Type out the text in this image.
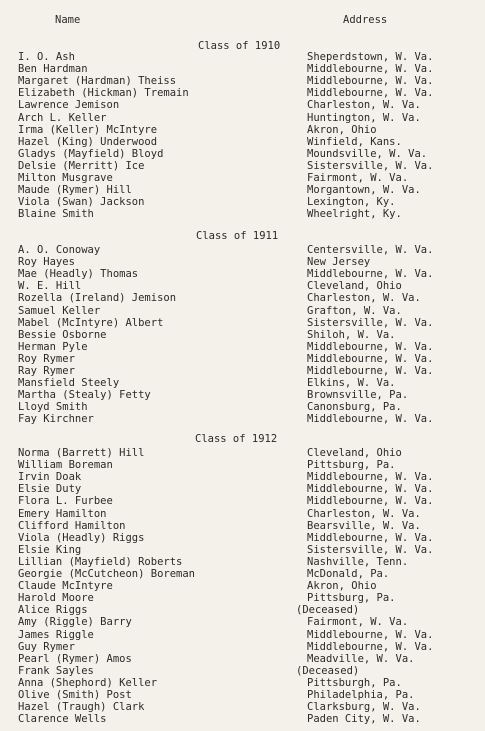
Name	Address
Class of 1910
I. O. Ash	Sheperdstown, W. Va.
Ben Hardman	Middlebourne, W. Va.
Margaret (Hardman) Theiss	Middlebourne, W. Va.
Elizabeth (Hickman) Tremain	Middlebourne, W. Va.
Lawrence Jemison	Charleston, W. Va.
Arch L. Keller	Huntington, W. Va.
Irma (Keller) McIntyre	Akron, Ohio
Hazel (King) Underwood	Winfield, Kans.
Gladys (Mayfield) Bloyd	Moundsville, W. Va.
Delsie (Merritt) Ice	Sistersville, W. Va.
Milton Musgrave	Fairmont, W. Va.
Maude (Rymer) Hill	Morgantown, W. Va.
Viola (Swan) Jackson	Lexington, Ky.
Blaine Smith	Wheelright, Ky.
Class of 1911
A. O. Conoway	Centersville, W. Va.
Roy Hayes	New Jersey
Mae (Headly) Thomas	Middlebourne, W. Va.
W. E. Hill	Cleveland, Ohio
Rozella (Ireland) Jemison	Charleston, W. Va.
Samuel Keller	Grafton, W. Va.
Mabel (McIntyre) Albert	Sistersville, W. Va.
Bessie Osborne	Shiloh, W. Va.
Herman Pyle	Middlebourne, W. Va.
Roy Rymer	Middlebourne, W. Va.
Ray Rymer	Middlebourne, W. Va.
Mansfield Steely	Elkins, W. Va.
Martha (Stealy) Fetty	Brownsville, Pa.
Lloyd Smith	Canonsburg, Pa.
Fay Kirchner	Middlebourne, W. Va.
Class of 1912
Norma (Barrett) Hill	Cleveland, Ohio
William Boreman	Pittsburg, Pa.
Irvin Doak	Middlebourne, W. Va.
Elsie Duty	Middlebourne, W. Va.
Flora L. Furbee	Middlebourne, W. Va.
Emery Hamilton	Charleston, W. Va.
Clifford Hamilton	Bearsville, W. Va.
Viola (Headly) Riggs	Middlebourne, W. Va.
Elsie King	Sistersville, W. Va.
Lillian (Mayfield) Roberts	Nashville, Tenn.
Georgie (McCutcheon) Boreman	McDonald, Pa.
Claude McIntyre	Akron, Ohio
Harold Moore	Pittsburg, Pa.
Alice Riggs	(Deceased)
Amy (Riggle) Barry	Fairmont, W. Va.
James Riggle	Middlebourne, W. Va.
Guy Rymer	Middlebourne, W. Va.
Pearl (Rymer) Amos	Meadville, W. Va.
Frank Sayles	(Deceased)
Anna (Shephord) Keller	Pittsburgh, Pa.
Olive (Smith) Post	Philadelphia, Pa.
Hazel (Traugh) Clark	Clarksburg, W. Va.
Clarence Wells	Paden City, W. Va.
